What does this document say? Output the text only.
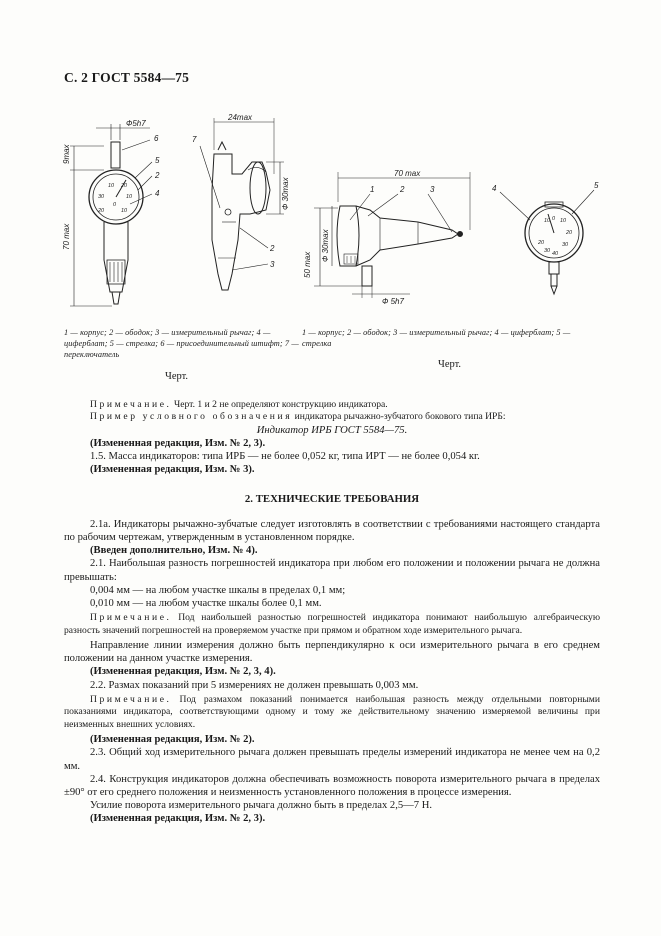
С. 2 ГОСТ 5584—75
Ф5h7
9max
70 max
6
5
2
4
10 20
30	10
0
20	10
24max
7
Ф 30max
2
3
70 max
50 max
Ф 30max
Ф 5h7
1	2	3	4	5
10 0 10
20
20	30
30 40
1 — корпус; 2 — ободок; 3 — измерительный рычаг; 4 — циферблат; 5 — стрелка; 6 — присоединительный штифт; 7 — переключатель
1 — корпус; 2 — ободок; 3 — измерительный рычаг; 4 — циферблат; 5 — стрелка
Черт.
Черт.

Примечание. Черт. 1 и 2 не определяют конструкцию индикатора.

Пример условного обозначения индикатора рычажно-зубчатого бокового типа ИРБ:

Индикатор ИРБ ГОСТ 5584—75.

(Измененная редакция, Изм. № 2, 3).

1.5. Масса индикаторов: типа ИРБ — не более 0,052 кг, типа ИРТ — не более 0,054 кг.

(Измененная редакция, Изм. № 3).

2. ТЕХНИЧЕСКИЕ ТРЕБОВАНИЯ

2.1а. Индикаторы рычажно-зубчатые следует изготовлять в соответствии с требованиями настоящего стандарта по рабочим чертежам, утвержденным в установленном порядке.

(Введен дополнительно, Изм. № 4).

2.1. Наибольшая разность погрешностей индикатора при любом его положении и положении рычага не должна превышать:

0,004 мм — на любом участке шкалы в пределах 0,1 мм;

0,010 мм — на любом участке шкалы более 0,1 мм.

Примечание. Под наибольшей разностью погрешностей индикатора понимают наибольшую алгебраическую разность значений погрешностей на проверяемом участке при прямом и обратном ходе измерительного рычага.

Направление линии измерения должно быть перпендикулярно к оси измерительного рычага в его среднем положении на данном участке измерения.

(Измененная редакция, Изм. № 2, 3, 4).

2.2. Размах показаний при 5 измерениях не должен превышать 0,003 мм.

Примечание. Под размахом показаний понимается наибольшая разность между отдельными повторными показаниями индикатора, соответствующими одному и тому же действительному значению измеряемой величины при неизменных внешних условиях.

(Измененная редакция, Изм. № 2).

2.3. Общий ход измерительного рычага должен превышать пределы измерений индикатора не менее чем на 0,2 мм.

2.4. Конструкция индикаторов должна обеспечивать возможность поворота измерительного рычага в пределах ±90° от его среднего положения и неизменность установленного положения в процессе измерения.

Усилие поворота измерительного рычага должно быть в пределах 2,5—7 Н.

(Измененная редакция, Изм. № 2, 3).
